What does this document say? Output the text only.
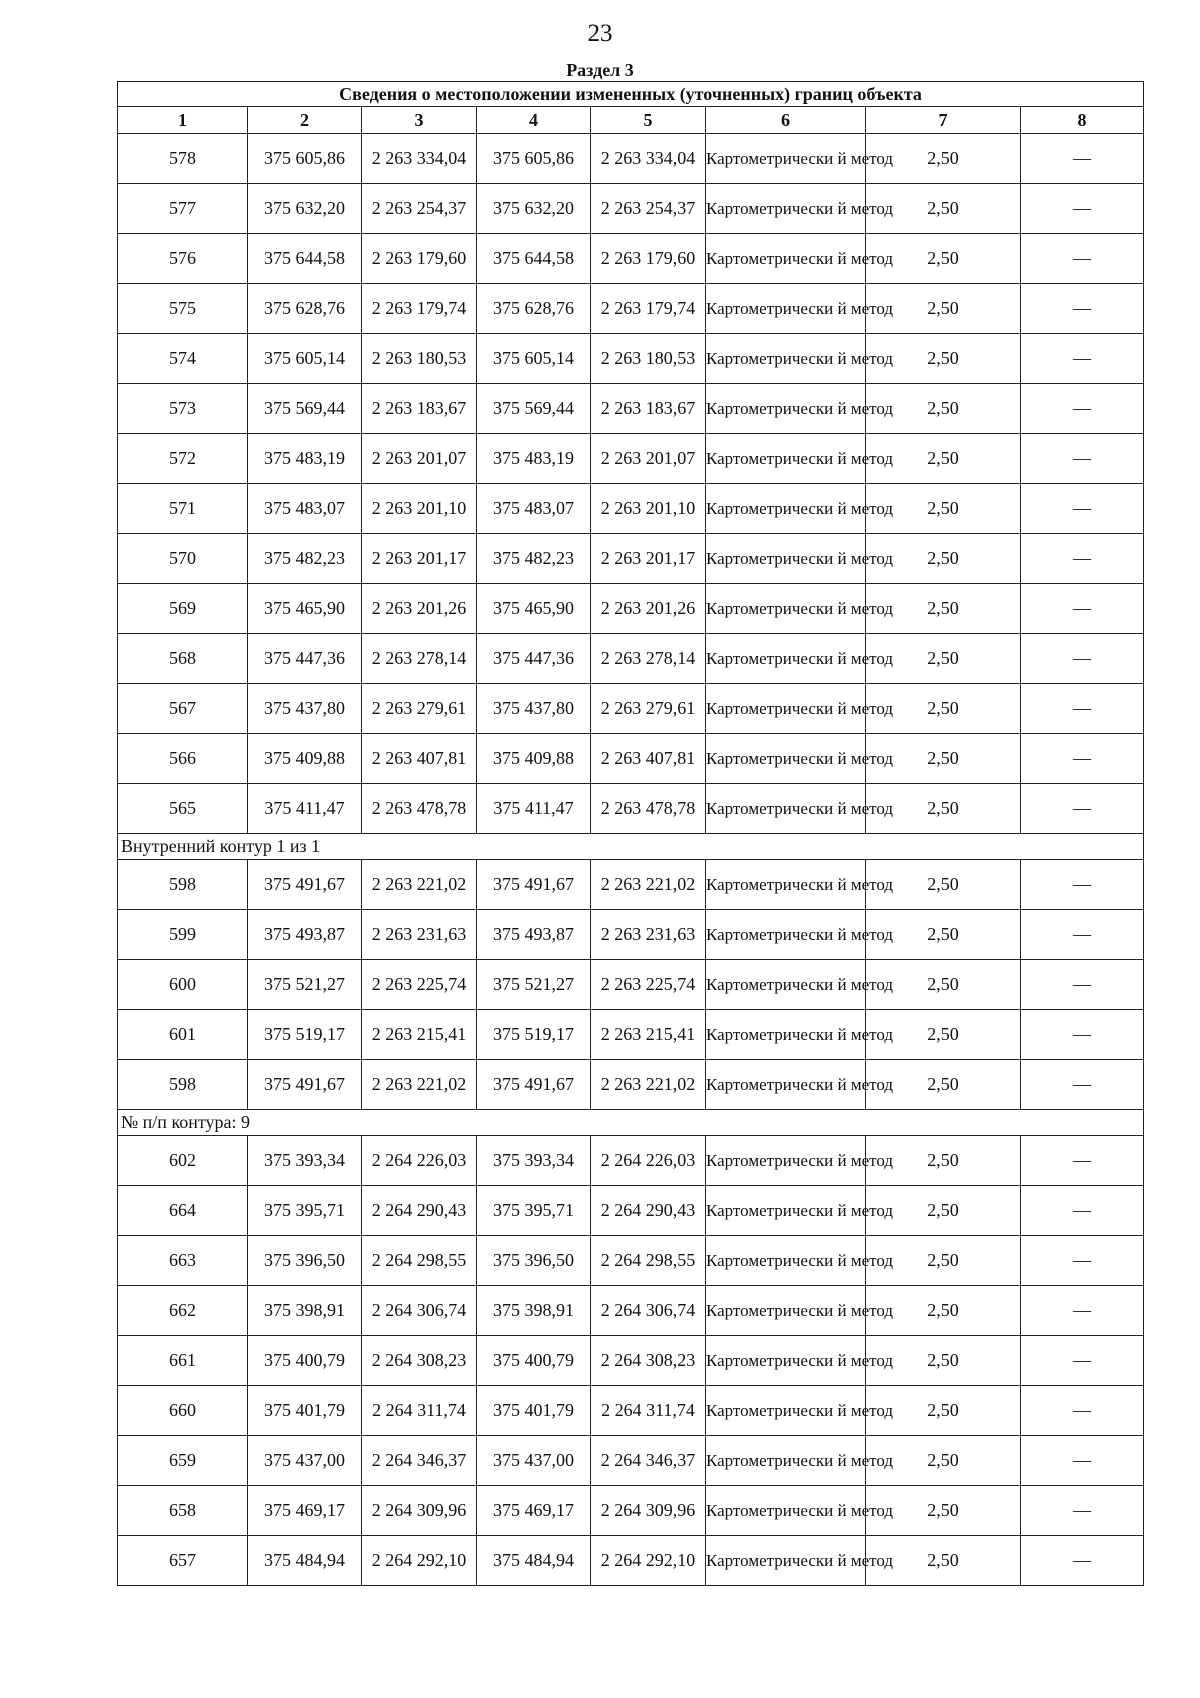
23
Раздел 3
Сведения о местоположении измененных (уточненных) границ объекта							
1	2	3	4	5	6	7	8
578	375 605,86	2 263 334,04	375 605,86	2 263 334,04	Картометрически й метод	2,50	—
577	375 632,20	2 263 254,37	375 632,20	2 263 254,37	Картометрически й метод	2,50	—
576	375 644,58	2 263 179,60	375 644,58	2 263 179,60	Картометрически й метод	2,50	—
575	375 628,76	2 263 179,74	375 628,76	2 263 179,74	Картометрически й метод	2,50	—
574	375 605,14	2 263 180,53	375 605,14	2 263 180,53	Картометрически й метод	2,50	—
573	375 569,44	2 263 183,67	375 569,44	2 263 183,67	Картометрически й метод	2,50	—
572	375 483,19	2 263 201,07	375 483,19	2 263 201,07	Картометрически й метод	2,50	—
571	375 483,07	2 263 201,10	375 483,07	2 263 201,10	Картометрически й метод	2,50	—
570	375 482,23	2 263 201,17	375 482,23	2 263 201,17	Картометрически й метод	2,50	—
569	375 465,90	2 263 201,26	375 465,90	2 263 201,26	Картометрически й метод	2,50	—
568	375 447,36	2 263 278,14	375 447,36	2 263 278,14	Картометрически й метод	2,50	—
567	375 437,80	2 263 279,61	375 437,80	2 263 279,61	Картометрически й метод	2,50	—
566	375 409,88	2 263 407,81	375 409,88	2 263 407,81	Картометрически й метод	2,50	—
565	375 411,47	2 263 478,78	375 411,47	2 263 478,78	Картометрически й метод	2,50	—
Внутренний контур 1 из 1							
598	375 491,67	2 263 221,02	375 491,67	2 263 221,02	Картометрически й метод	2,50	—
599	375 493,87	2 263 231,63	375 493,87	2 263 231,63	Картометрически й метод	2,50	—
600	375 521,27	2 263 225,74	375 521,27	2 263 225,74	Картометрически й метод	2,50	—
601	375 519,17	2 263 215,41	375 519,17	2 263 215,41	Картометрически й метод	2,50	—
598	375 491,67	2 263 221,02	375 491,67	2 263 221,02	Картометрически й метод	2,50	—
№ п/п контура: 9							
602	375 393,34	2 264 226,03	375 393,34	2 264 226,03	Картометрически й метод	2,50	—
664	375 395,71	2 264 290,43	375 395,71	2 264 290,43	Картометрически й метод	2,50	—
663	375 396,50	2 264 298,55	375 396,50	2 264 298,55	Картометрически й метод	2,50	—
662	375 398,91	2 264 306,74	375 398,91	2 264 306,74	Картометрически й метод	2,50	—
661	375 400,79	2 264 308,23	375 400,79	2 264 308,23	Картометрически й метод	2,50	—
660	375 401,79	2 264 311,74	375 401,79	2 264 311,74	Картометрически й метод	2,50	—
659	375 437,00	2 264 346,37	375 437,00	2 264 346,37	Картометрически й метод	2,50	—
658	375 469,17	2 264 309,96	375 469,17	2 264 309,96	Картометрически й метод	2,50	—
657	375 484,94	2 264 292,10	375 484,94	2 264 292,10	Картометрически й метод	2,50	—
